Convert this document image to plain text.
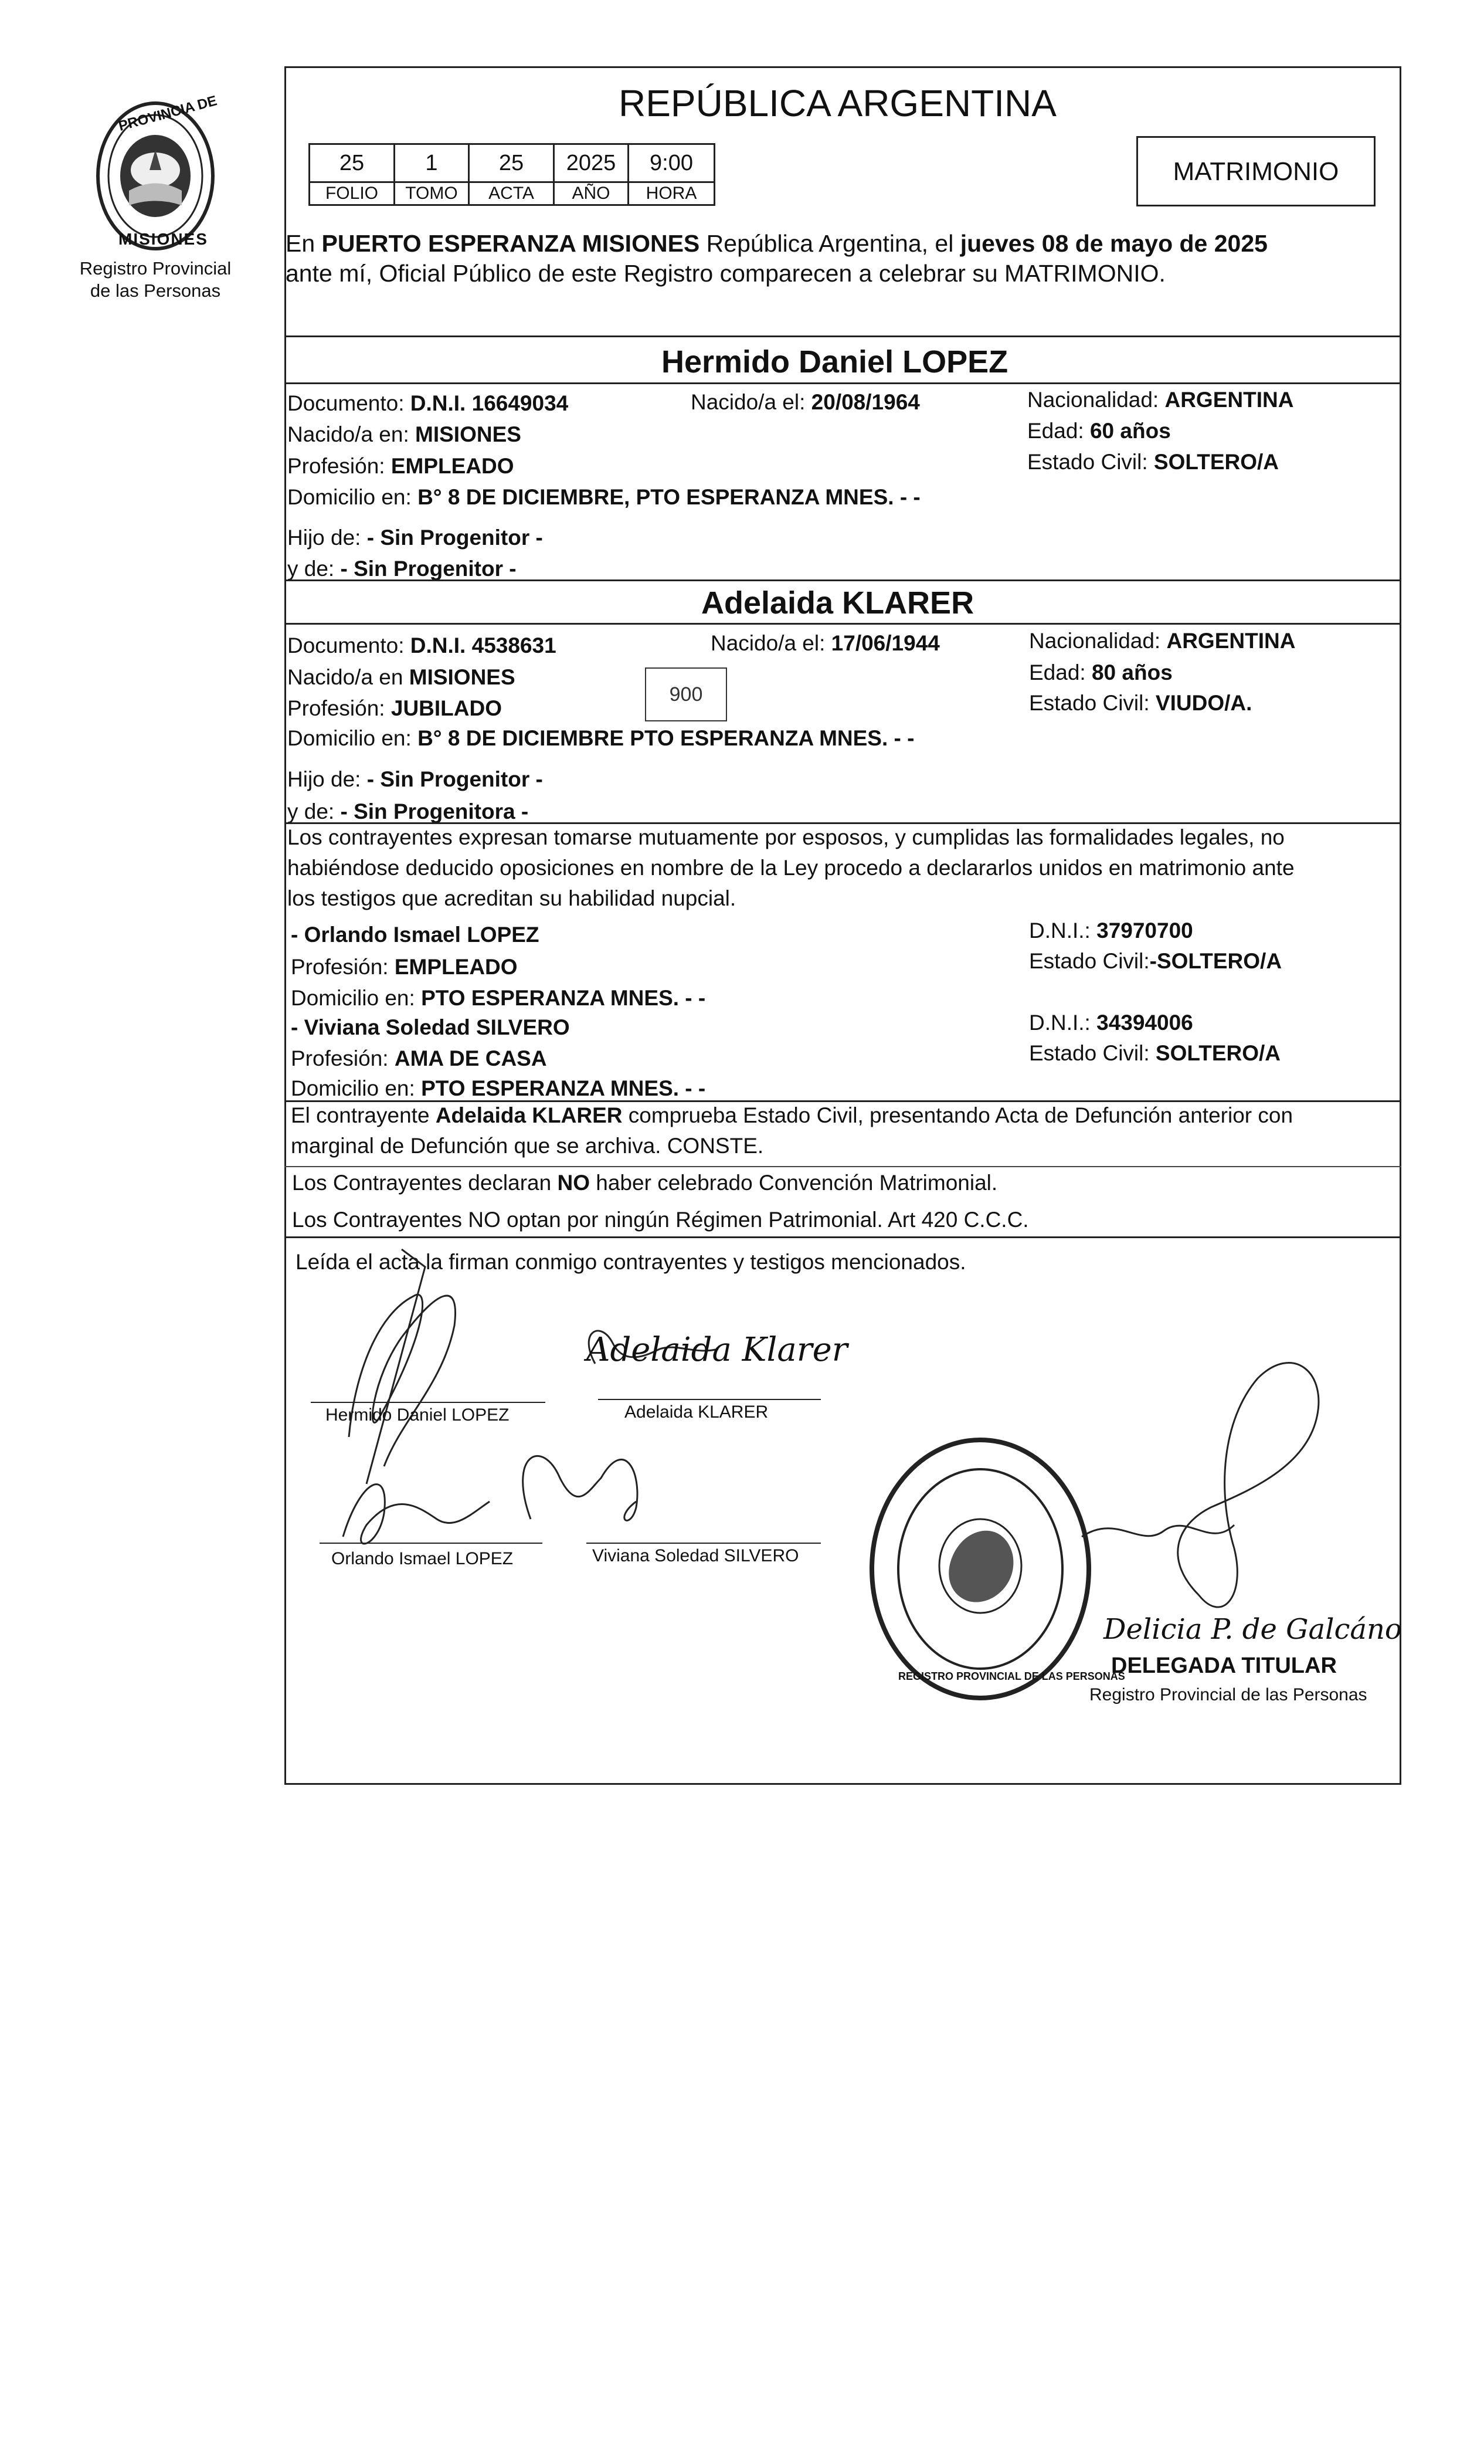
PROVINCIA DE
MISIONES
Registro Provincial
de las Personas
REPÚBLICA ARGENTINA
25	1	25	2025	9:00
FOLIO	TOMO	ACTA	AÑO	HORA
MATRIMONIO
En PUERTO ESPERANZA MISIONES República Argentina, el jueves 08 de mayo de 2025
ante mí, Oficial Público de este Registro comparecen a celebrar su MATRIMONIO.
Hermido Daniel LOPEZ
Documento: D.N.I. 16649034	Nacido/a el: 20/08/1964	Nacionalidad: ARGENTINA
Nacido/a en: MISIONES	Edad: 60 años
Profesión: EMPLEADO	Estado Civil: SOLTERO/A
Domicilio en: B° 8 DE DICIEMBRE, PTO ESPERANZA MNES. - -
Hijo de: - Sin Progenitor -
y de: - Sin Progenitor -
Adelaida KLARER
Documento: D.N.I. 4538631	Nacido/a el: 17/06/1944	Nacionalidad: ARGENTINA
Nacido/a en MISIONES	Edad: 80 años
Profesión: JUBILADO
900	Estado Civil: VIUDO/A.
Domicilio en: B° 8 DE DICIEMBRE PTO ESPERANZA MNES. - -
Hijo de: - Sin Progenitor -
y de: - Sin Progenitora -
Los contrayentes expresan tomarse mutuamente por esposos, y cumplidas las formalidades legales, no
habiéndose deducido oposiciones en nombre de la Ley procedo a declararlos unidos en matrimonio ante
los testigos que acreditan su habilidad nupcial.
- Orlando Ismael LOPEZ	D.N.I.: 37970700
Profesión: EMPLEADO	Estado Civil:-SOLTERO/A
Domicilio en: PTO ESPERANZA MNES. - -
- Viviana Soledad SILVERO	D.N.I.: 34394006
Profesión: AMA DE CASA	Estado Civil: SOLTERO/A
Domicilio en: PTO ESPERANZA MNES. - -
El contrayente Adelaida KLARER comprueba Estado Civil, presentando Acta de Defunción anterior con
marginal de Defunción que se archiva. CONSTE.
Los Contrayentes declaran NO haber celebrado Convención Matrimonial.
Los Contrayentes NO optan por ningún Régimen Patrimonial. Art 420 C.C.C.
Leída el acta la firman conmigo contrayentes y testigos mencionados.
Adelaida Klarer
Hermido Daniel LOPEZ	Adelaida KLARER
Orlando Ismael LOPEZ	Viviana Soledad SILVERO
REGISTRO PROVINCIAL DE LAS PERSONAS
Delicia P. de Galcáno
DELEGADA TITULAR
Registro Provincial de las Personas
